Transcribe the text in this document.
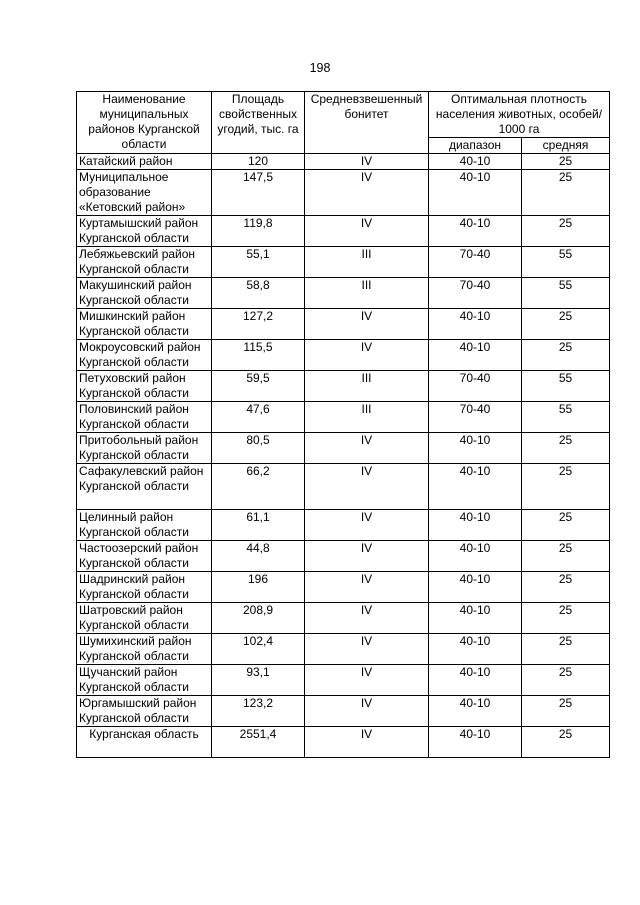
198
Наименование муниципальных районов Курганской области	Площадь свойственных угодий, тыс. га	Средневзвешенный бонитет	Оптимальная плотность населения животных, особей/ 1000 га	
			диапазон	средняя
Катайский район	120	IV	40-10	25
Муниципальное образование «Кетовский район»	147,5	IV	40-10	25
Куртамышский район Курганской области	119,8	IV	40-10	25
Лебяжьевский район Курганской области	55,1	III	70-40	55
Макушинский район Курганской области	58,8	III	70-40	55
Мишкинский район Курганской области	127,2	IV	40-10	25
Мокроусовский район Курганской области	115,5	IV	40-10	25
Петуховский район Курганской области	59,5	III	70-40	55
Половинский район Курганской области	47,6	III	70-40	55
Притобольный район Курганской области	80,5	IV	40-10	25
Сафакулевский район Курганской области	66,2	IV	40-10	25
Целинный район Курганской области	61,1	IV	40-10	25
Частоозерский район Курганской области	44,8	IV	40-10	25
Шадринский район Курганской области	196	IV	40-10	25
Шатровский район Курганской области	208,9	IV	40-10	25
Шумихинский район Курганской области	102,4	IV	40-10	25
Щучанский район Курганской области	93,1	IV	40-10	25
Юргамышский район Курганской области	123,2	IV	40-10	25
Курганская область	2551,4	IV	40-10	25
